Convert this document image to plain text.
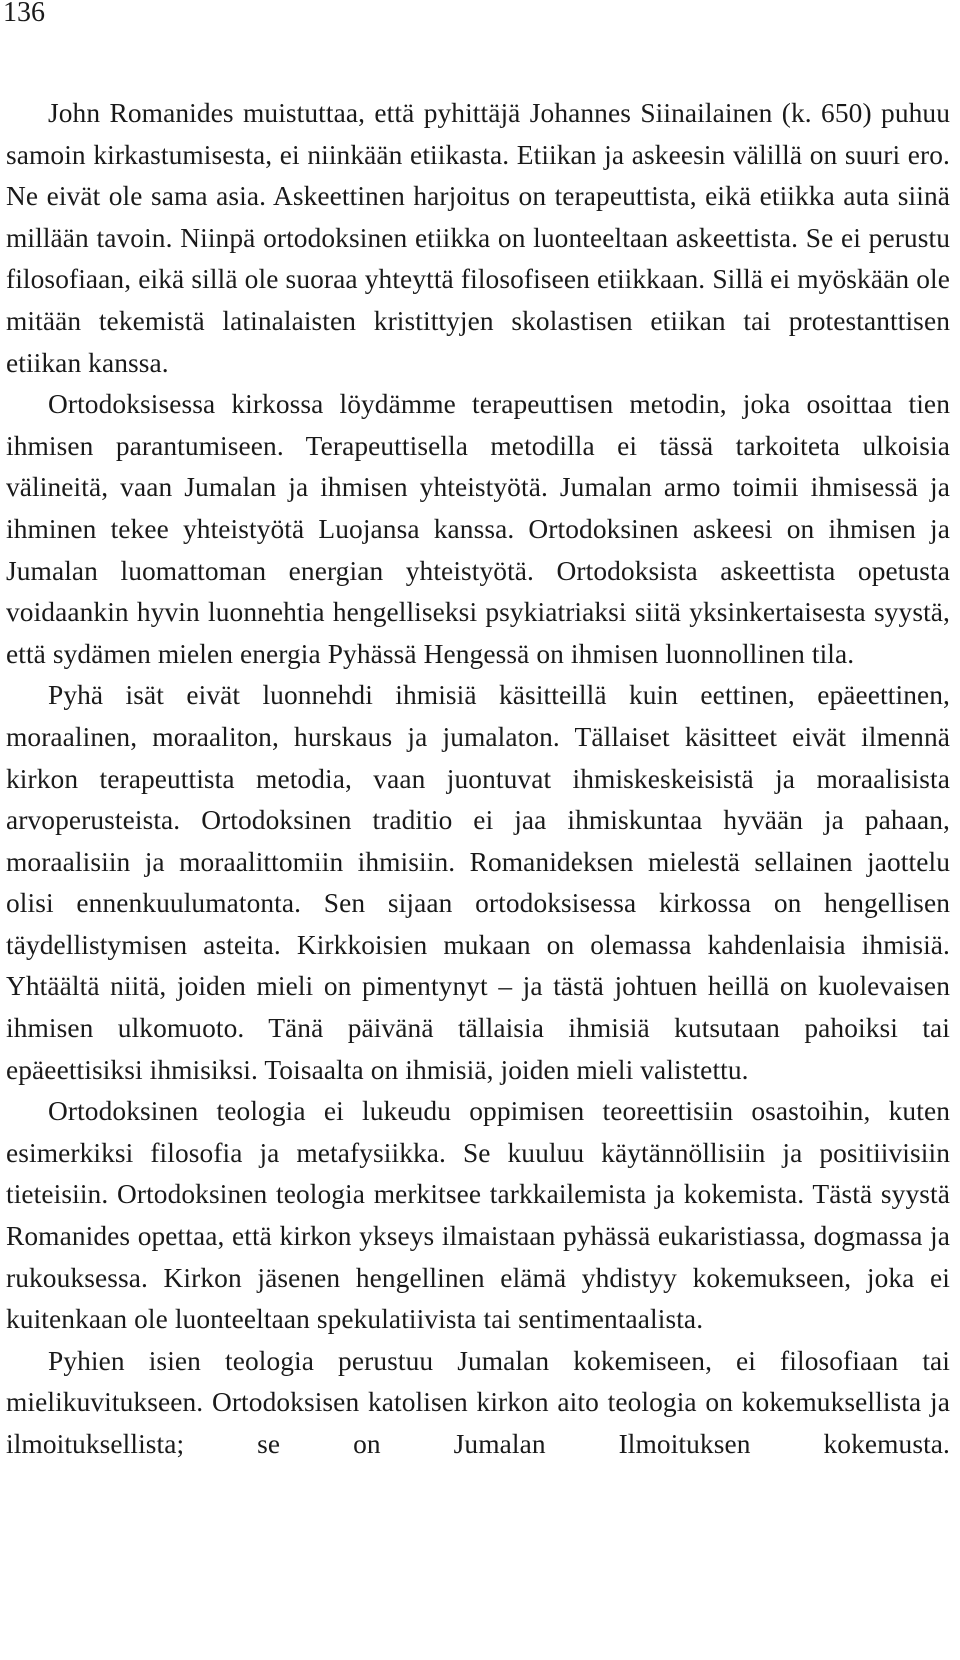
136

John Romanides muistuttaa, että pyhittäjä Johannes Siinailainen (k. 650) puhuu samoin kirkastumisesta, ei niinkään etiikasta. Etiikan ja askeesin välillä on suuri ero. Ne eivät ole sama asia. Askeettinen harjoitus on terapeuttista, eikä etiikka auta siinä millään tavoin. Niinpä ortodoksinen etiikka on luonteeltaan askeettista. Se ei perustu filosofiaan, eikä sillä ole suoraa yhteyttä filosofiseen etiikkaan. Sillä ei myöskään ole mitään tekemistä latinalaisten kristittyjen skolastisen etiikan tai protestanttisen etiikan kanssa.

Ortodoksisessa kirkossa löydämme terapeuttisen metodin, joka osoittaa tien ihmisen parantumiseen. Terapeuttisella metodilla ei tässä tarkoiteta ulkoisia välineitä, vaan Jumalan ja ihmisen yhteistyötä. Jumalan armo toimii ihmisessä ja ihminen tekee yhteistyötä Luojansa kanssa. Ortodoksinen askeesi on ihmisen ja Jumalan luomattoman energian yhteistyötä. Ortodoksista askeettista opetusta voidaankin hyvin luonnehtia hengelliseksi psykiatriaksi siitä yksinkertaisesta syystä, että sydämen mielen energia Pyhässä Hengessä on ihmisen luonnollinen tila.

Pyhä isät eivät luonnehdi ihmisiä käsitteillä kuin eettinen, epäeettinen, moraalinen, moraaliton, hurskaus ja jumalaton. Tällaiset käsitteet eivät ilmennä kirkon terapeuttista metodia, vaan juontuvat ihmiskeskeisistä ja moraalisista arvoperusteista. Ortodoksinen traditio ei jaa ihmiskuntaa hyvään ja pahaan, moraalisiin ja moraalittomiin ihmisiin. Romanideksen mielestä sellainen jaottelu olisi ennenkuulumatonta. Sen sijaan ortodoksisessa kirkossa on hengellisen täydellistymisen asteita. Kirkkoisien mukaan on olemassa kahdenlaisia ihmisiä. Yhtäältä niitä, joiden mieli on pimentynyt – ja tästä johtuen heillä on kuolevaisen ihmisen ulkomuoto. Tänä päivänä tällaisia ihmisiä kutsutaan pahoiksi tai epäeettisiksi ihmisiksi. Toisaalta on ihmisiä, joiden mieli valistettu.

Ortodoksinen teologia ei lukeudu oppimisen teoreettisiin osastoihin, kuten esimerkiksi filosofia ja metafysiikka. Se kuuluu käytännöllisiin ja positiivisiin tieteisiin. Ortodoksinen teologia merkitsee tarkkailemista ja kokemista. Tästä syystä Romanides opettaa, että kirkon ykseys ilmaistaan pyhässä eukaristiassa, dogmassa ja rukouksessa. Kirkon jäsenen hengellinen elämä yhdistyy kokemukseen, joka ei kuitenkaan ole luonteeltaan spekulatiivista tai sentimentaalista.

Pyhien isien teologia perustuu Jumalan kokemiseen, ei filosofiaan tai mielikuvitukseen. Ortodoksisen katolisen kirkon aito teologia on kokemuksellista ja ilmoituksellista; se on Jumalan Ilmoituksen kokemusta.
